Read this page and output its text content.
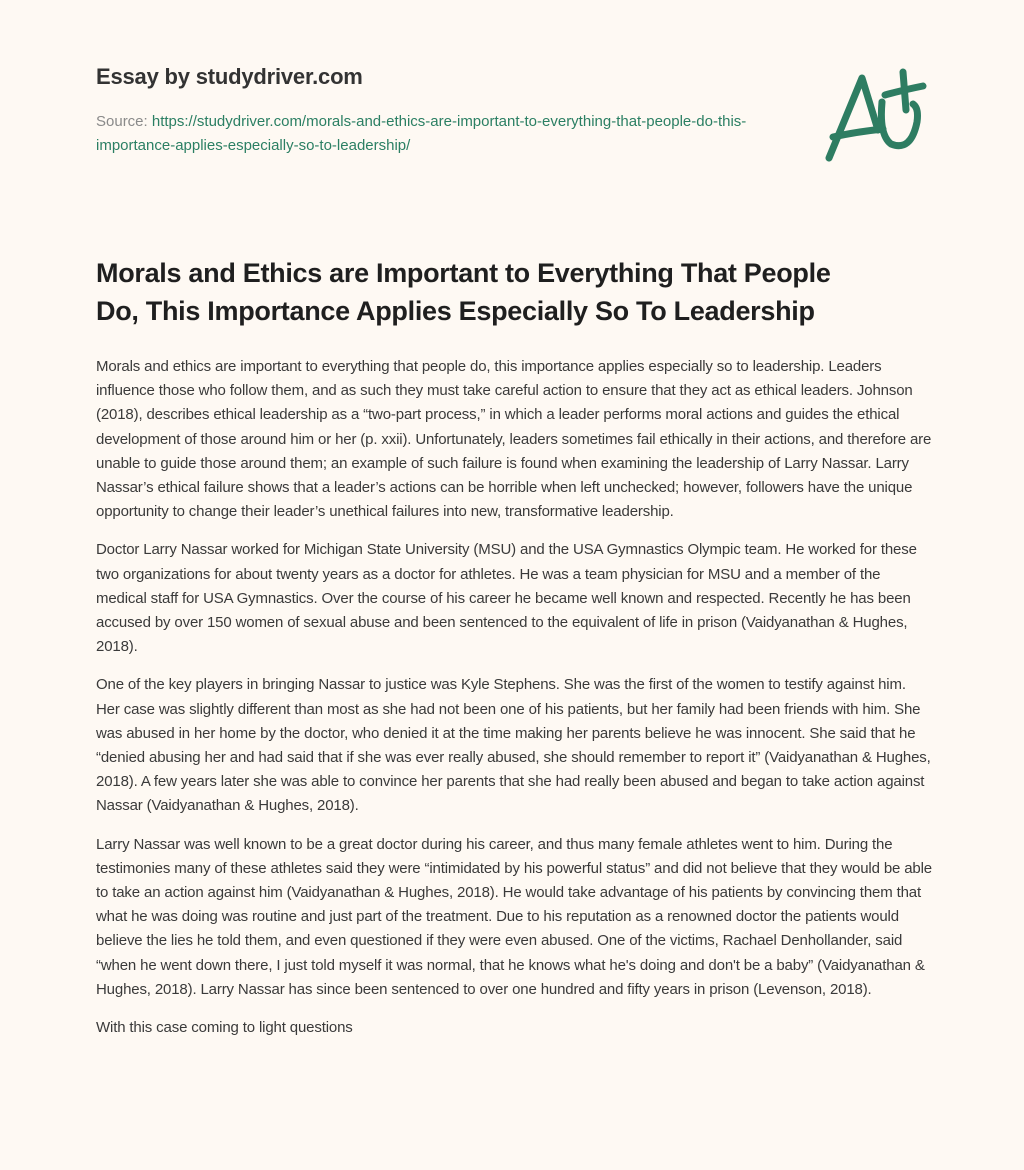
Essay by studydriver.com
Source: https://studydriver.com/morals-and-ethics-are-important-to-everything-that-people-do-this-importance-applies-especially-so-to-leadership/
Morals and Ethics are Important to Everything That People Do, This Importance Applies Especially So To Leadership

Morals and ethics are important to everything that people do, this importance applies especially so to leadership. Leaders influence those who follow them, and as such they must take careful action to ensure that they act as ethical leaders. Johnson (2018), describes ethical leadership as a “two-part process,” in which a leader performs moral actions and guides the ethical development of those around him or her (p. xxii). Unfortunately, leaders sometimes fail ethically in their actions, and therefore are unable to guide those around them; an example of such failure is found when examining the leadership of Larry Nassar. Larry Nassar’s ethical failure shows that a leader’s actions can be horrible when left unchecked; however, followers have the unique opportunity to change their leader’s unethical failures into new, transformative leadership.

Doctor Larry Nassar worked for Michigan State University (MSU) and the USA Gymnastics Olympic team. He worked for these two organizations for about twenty years as a doctor for athletes. He was a team physician for MSU and a member of the medical staff for USA Gymnastics. Over the course of his career he became well known and respected. Recently he has been accused by over 150 women of sexual abuse and been sentenced to the equivalent of life in prison (Vaidyanathan & Hughes, 2018).

One of the key players in bringing Nassar to justice was Kyle Stephens. She was the first of the women to testify against him. Her case was slightly different than most as she had not been one of his patients, but her family had been friends with him. She was abused in her home by the doctor, who denied it at the time making her parents believe he was innocent. She said that he “denied abusing her and had said that if she was ever really abused, she should remember to report it” (Vaidyanathan & Hughes, 2018). A few years later she was able to convince her parents that she had really been abused and began to take action against Nassar (Vaidyanathan & Hughes, 2018).

Larry Nassar was well known to be a great doctor during his career, and thus many female athletes went to him. During the testimonies many of these athletes said they were “intimidated by his powerful status” and did not believe that they would be able to take an action against him (Vaidyanathan & Hughes, 2018). He would take advantage of his patients by convincing them that what he was doing was routine and just part of the treatment. Due to his reputation as a renowned doctor the patients would believe the lies he told them, and even questioned if they were even abused. One of the victims, Rachael Denhollander, said “when he went down there, I just told myself it was normal, that he knows what he's doing and don't be a baby” (Vaidyanathan & Hughes, 2018). Larry Nassar has since been sentenced to over one hundred and fifty years in prison (Levenson, 2018).

With this case coming to light questions
